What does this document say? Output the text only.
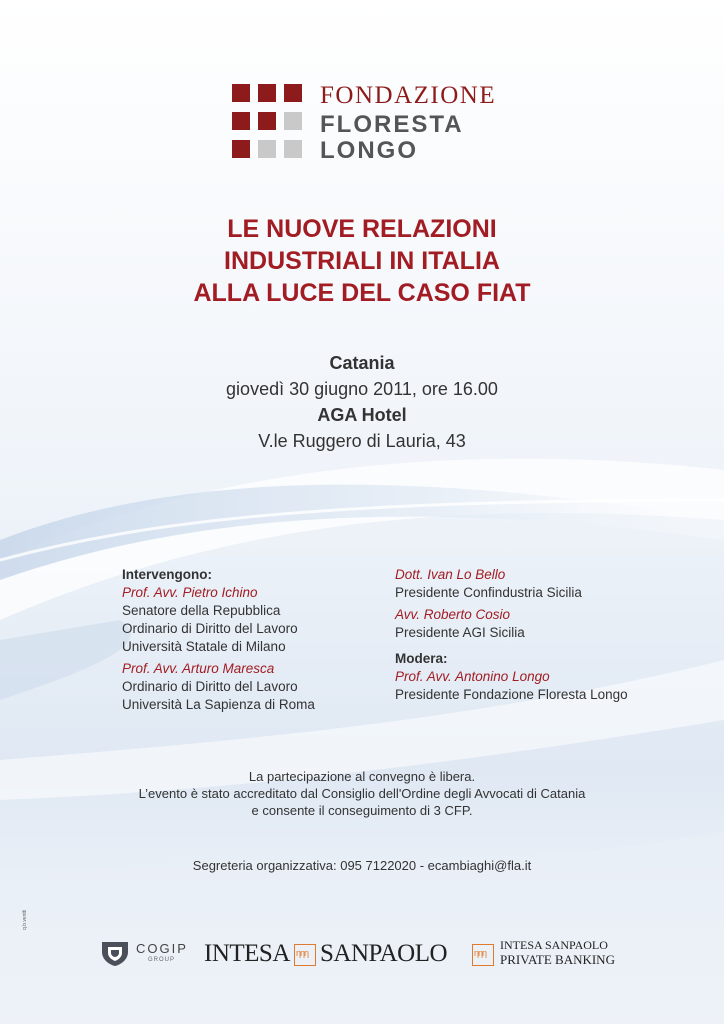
FONDAZIONE
FLORESTA
LONGO
LE NUOVE RELAZIONI
INDUSTRIALI IN ITALIA
ALLA LUCE DEL CASO FIAT
Catania
giovedì 30 giugno 2011, ore 16.00
AGA Hotel
V.le Ruggero di Lauria, 43
Intervengono:
Prof. Avv. Pietro Ichino
Senatore della Repubblica
Ordinario di Diritto del Lavoro
Università Statale di Milano
Prof. Avv. Arturo Maresca
Ordinario di Diritto del Lavoro
Università La Sapienza di Roma
Dott. Ivan Lo Bello
Presidente Confindustria Sicilia
Avv. Roberto Cosio
Presidente AGI Sicilia
Modera:
Prof. Avv. Antonino Longo
Presidente Fondazione Floresta Longo
La partecipazione al convegno è libera.
L’evento è stato accreditato dal Consiglio dell'Ordine degli Avvocati di Catania
e consente il conseguimento di 3 CFP.
Segreteria organizzativa: 095 7122020 - ecambiaghi@fla.it
q.b.ventti
COGIP
GROUP INTESA ƞƞƞ SANPAOLO	ƞƞƞ
INTESA SANPAOLO
PRIVATE BANKING
